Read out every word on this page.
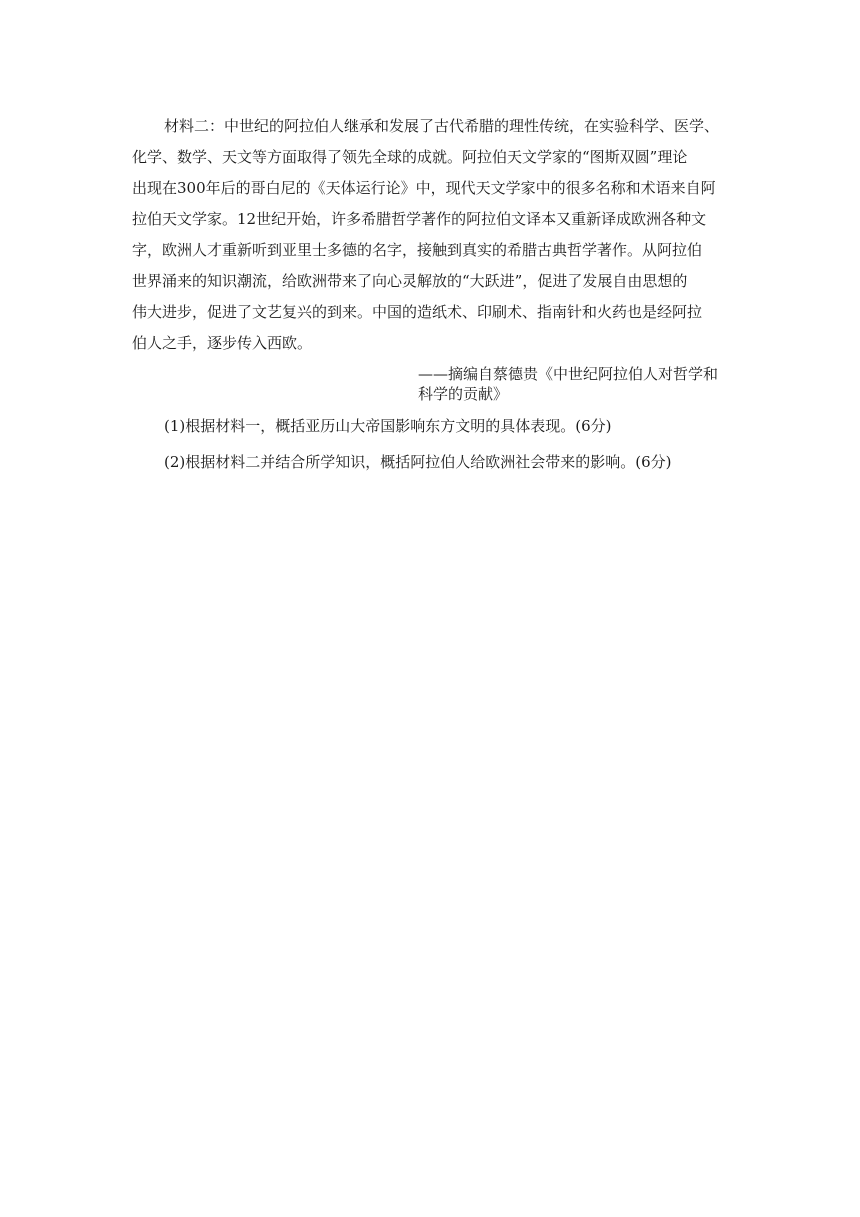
材料二：中世纪的阿拉伯人继承和发展了古代希腊的理性传统，在实验科学、医学、
化学、数学、天文等方面取得了领先全球的成就。阿拉伯天文学家的“图斯双圆”理论
出现在300年后的哥白尼的《天体运行论》中，现代天文学家中的很多名称和术语来自阿
拉伯天文学家。12世纪开始，许多希腊哲学著作的阿拉伯文译本又重新译成欧洲各种文
字，欧洲人才重新听到亚里士多德的名字，接触到真实的希腊古典哲学著作。从阿拉伯
世界涌来的知识潮流，给欧洲带来了向心灵解放的“大跃进”，促进了发展自由思想的
伟大进步，促进了文艺复兴的到来。中国的造纸术、印刷术、指南针和火药也是经阿拉
伯人之手，逐步传入西欧。
——摘编自蔡德贵《中世纪阿拉伯人对哲学和
科学的贡献》
(1)根据材料一，概括亚历山大帝国影响东方文明的具体表现。(6分)
(2)根据材料二并结合所学知识，概括阿拉伯人给欧洲社会带来的影响。(6分)
